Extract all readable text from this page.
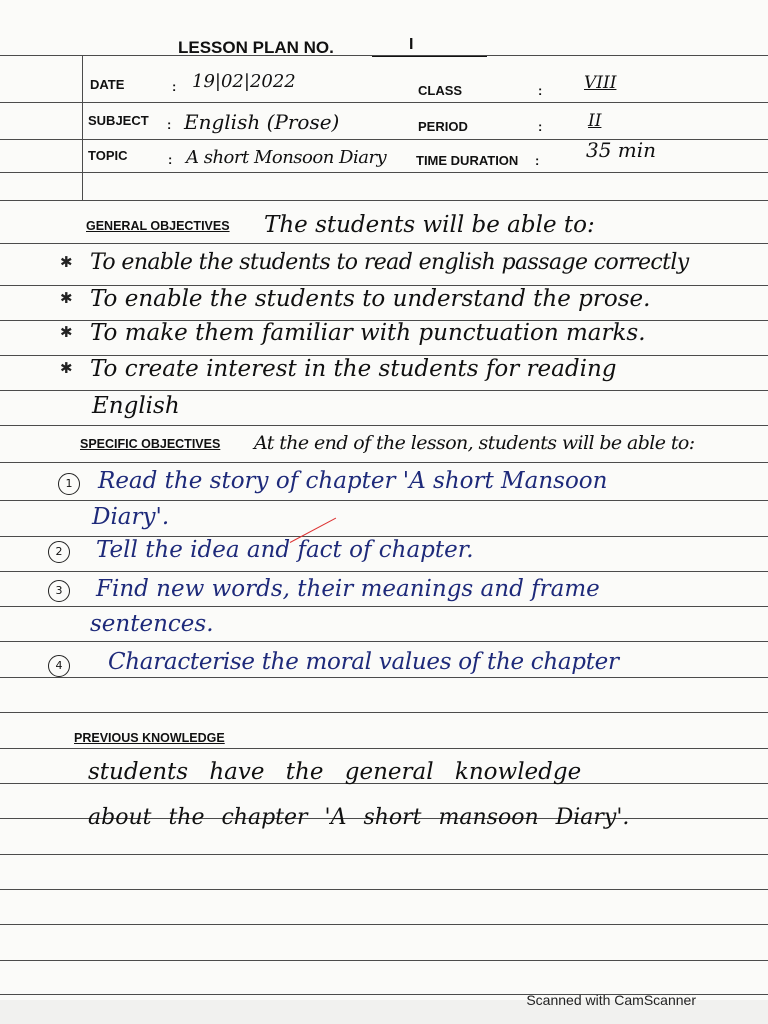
LESSON PLAN NO.	I
DATE	: 19|02|2022	CLASS	: VIII
SUBJECT : English (Prose)	PERIOD	:	II
TOPIC	: A short Monsoon Diary TIME DURATION : 35 min
GENERAL OBJECTIVES The students will be able to:
✱ To enable the students to read english passage correctly
✱ To enable the students to understand the prose.
✱ To make them familiar with punctuation marks.
✱ To create interest in the students for reading
English
SPECIFIC OBJECTIVES At the end of the lesson, students will be able to:
1	Read the story of chapter 'A short Mansoon
Diary'.
2	Tell the idea and fact of chapter.
3	Find new words, their meanings and frame
sentences.
4	Characterise the moral values of the chapter
PREVIOUS KNOWLEDGE
students have the general knowledge
about the chapter 'A short mansoon Diary'.
Scanned with CamScanner
